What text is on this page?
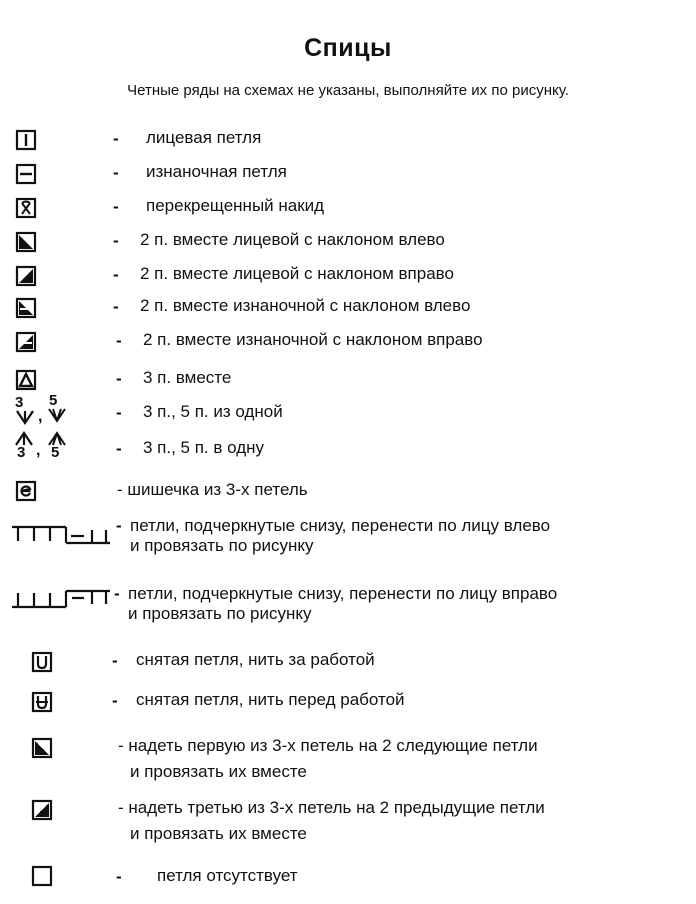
Спицы
Четные ряды на схемах не указаны, выполняйте их по рисунку.
- лицевая петля
- изнаночная петля
- перекрещенный накид
- 2 п. вместе лицевой с наклоном влево
- 2 п. вместе лицевой с наклоном вправо
- 2 п. вместе изнаночной с наклоном влево
- 2 п. вместе изнаночной с наклоном вправо
- 3 п. вместе
3
,
5
- 3 п., 5 п. из одной
3 , 5	- 3 п., 5 п. в одну
- шишечка из 3-х петель
- петли, подчеркнутые снизу, перенести по лицу влево
и провязать по рисунку
- петли, подчеркнутые снизу, перенести по лицу вправо
и провязать по рисунку
- снятая петля, нить за работой
- снятая петля, нить перед работой
- надеть первую из 3-х петель на 2 следующие петли
и провязать их вместе
- надеть третью из 3-х петель на 2 предыдущие петли
и провязать их вместе
- петля отсутствует
